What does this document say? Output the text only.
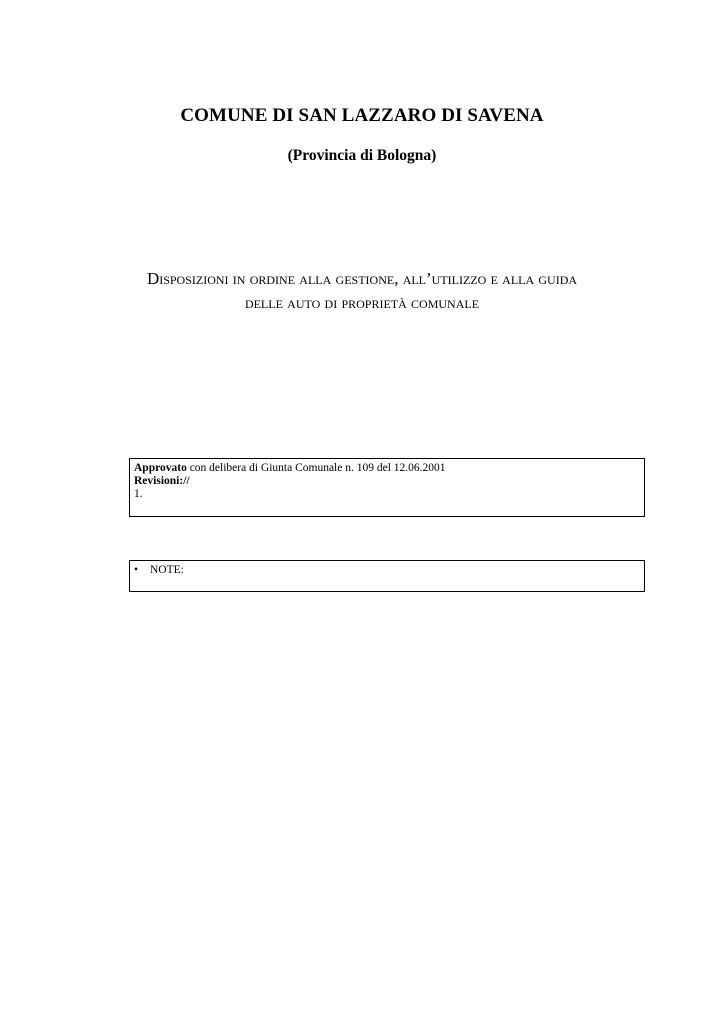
COMUNE DI SAN LAZZARO DI SAVENA
(Provincia di Bologna)
Disposizioni in ordine alla gestione, all’utilizzo e alla guida
delle auto di proprietà comunale
Approvato con delibera di Giunta Comunale n. 109 del 12.06.2001
Revisioni://
1.
•	NOTE:
